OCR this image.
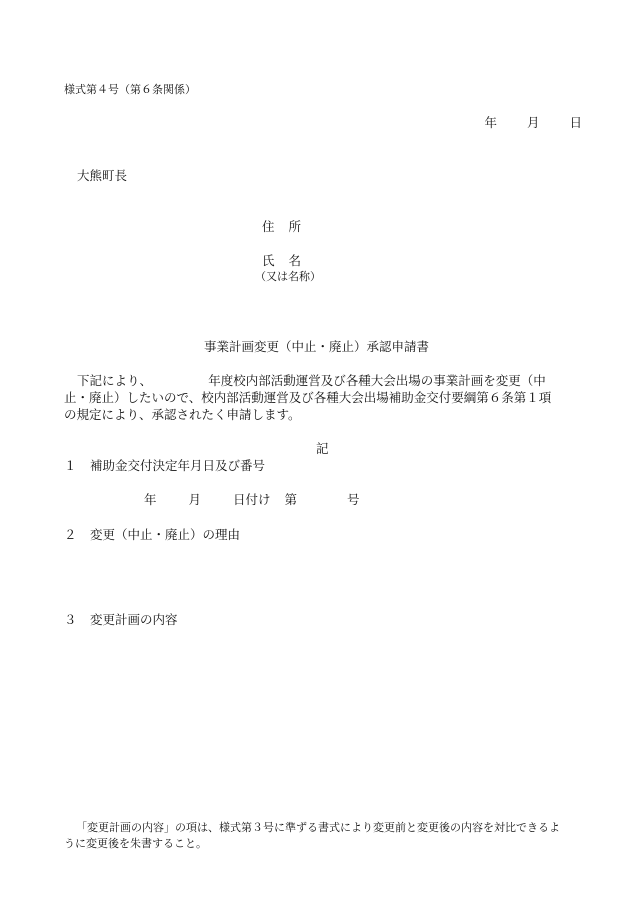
様式第４号（第６条関係）
年 月 日
大熊町長
住所
氏名
（又は名称）
事業計画変更（中止・廃止）承認申請書
下記により、　　　　　年度校内部活動運営及び各種大会出場の事業計画を変更（中
止・廃止）したいので、校内部活動運営及び各種大会出場補助金交付要綱第６条第１項
の規定により、承認されたく申請します。
記
１ 補助金交付決定年月日及び番号
年	月	日付け 第	号
２ 変更（中止・廃止）の理由
３ 変更計画の内容
「変更計画の内容」の項は、様式第３号に準ずる書式により変更前と変更後の内容を対比できるよ
うに変更後を朱書すること。
